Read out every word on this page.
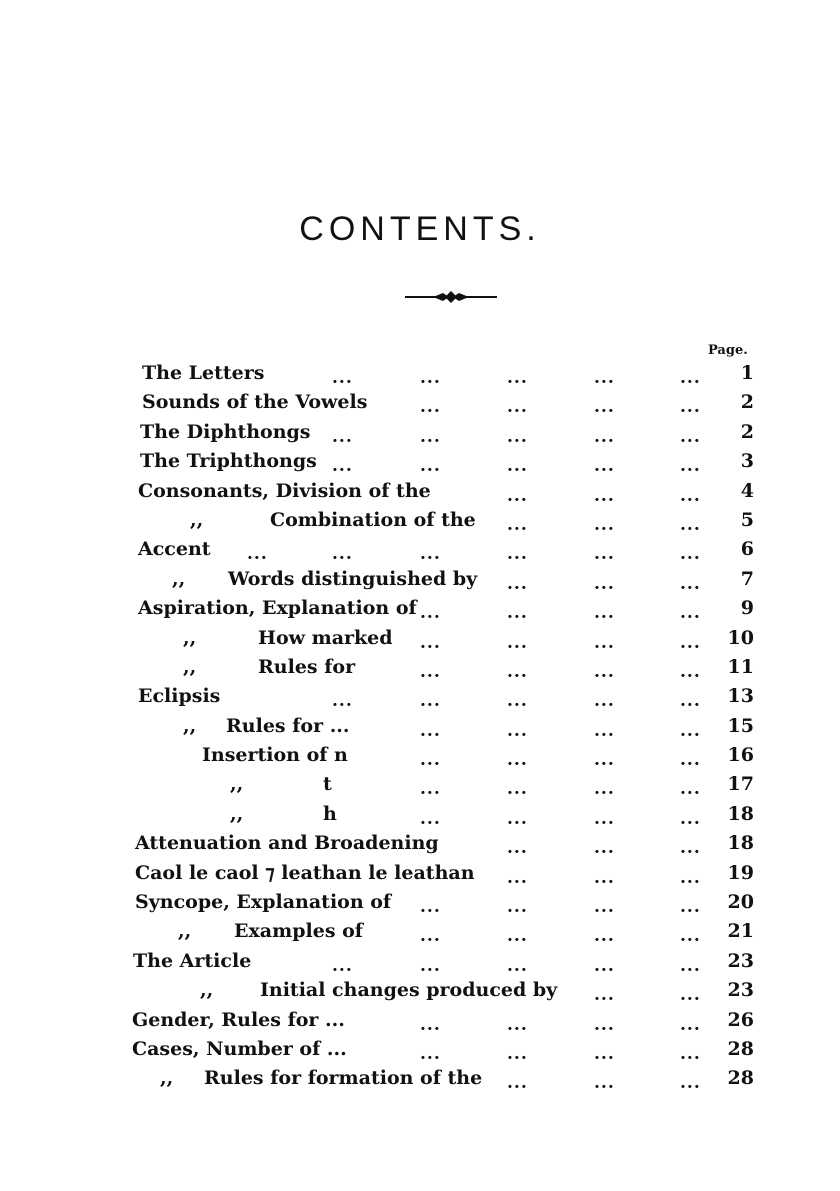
CONTENTS.
Page.
The Letters	...	...	...	...	...	1
Sounds of the Vowels	...	...	...	...	2
The Diphthongs ...	...	...	...	...	2
The Triphthongs ...	...	...	...	...	3
Consonants, Division of the	...	...	...	4
,,	Combination of the ...	...	...	5
Accent ...	...	...	...	...	...	6
,, Words distinguished by ...	...	...	7
Aspiration, Explanation of ...	...	...	...	9
,,	How marked ...	...	...	... 10
,,	Rules for	...	...	...	... 11
Eclipsis	...	...	...	...	... 13
,, Rules for ...	...	...	...	... 15
Insertion of n	...	...	...	... 16
,,	t	...	...	...	... 17
,,	h	...	...	...	... 18
Attenuation and Broadening	...	...	... 18
Caol le caol ⁊ leathan le leathan ...	...	... 19
Syncope, Explanation of ...	...	...	... 20
,, Examples of	...	...	...	... 21
The Article	...	...	...	...	... 23
,, Initial changes produced by ...	... 23
Gender, Rules for ...	...	...	...	... 26
Cases, Number of ...	...	...	...	... 28
,, Rules for formation of the ...	...	... 28
